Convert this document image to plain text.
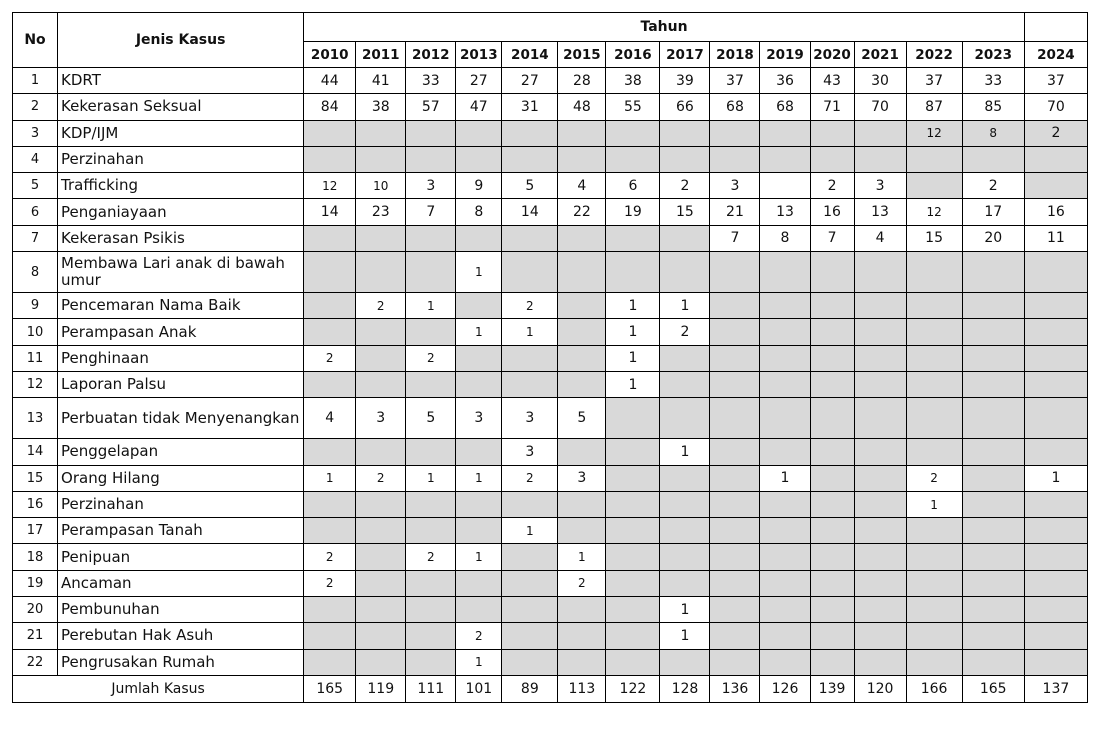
No	Jenis Kasus	Tahun														
		2010	2011	2012	2013	2014	2015	2016	2017	2018	2019	2020	2021	2022	2023	2024
1	KDRT	44	41	33	27	27	28	38	39	37	36	43	30	37	33	37
2	Kekerasan Seksual	84	38	57	47	31	48	55	66	68	68	71	70	87	85	70
3	KDP/IJM													12	8	2
4	Perzinahan															
5	Trafficking	12	10	3	9	5	4	6	2	3		2	3		2	
6	Penganiayaan	14	23	7	8	14	22	19	15	21	13	16	13	12	17	16
7	Kekerasan Psikis									7	8	7	4	15	20	11
8	Membawa Lari anak di bawah umur				1											
9	Pencemaran Nama Baik		2	1		2		1	1							
10	Perampasan Anak				1	1		1	2							
11	Penghinaan	2		2				1								
12	Laporan Palsu							1								
13	Perbuatan tidak Menyenangkan	4	3	5	3	3	5									
14	Penggelapan					3			1							
15	Orang Hilang	1	2	1	1	2	3				1			2		1
16	Perzinahan													1		
17	Perampasan Tanah					1										
18	Penipuan	2		2	1		1									
19	Ancaman	2					2									
20	Pembunuhan								1							
21	Perebutan Hak Asuh				2				1							
22	Pengrusakan Rumah				1											
Jumlah Kasus		165	119	111	101	89	113	122	128	136	126	139	120	166	165	137
